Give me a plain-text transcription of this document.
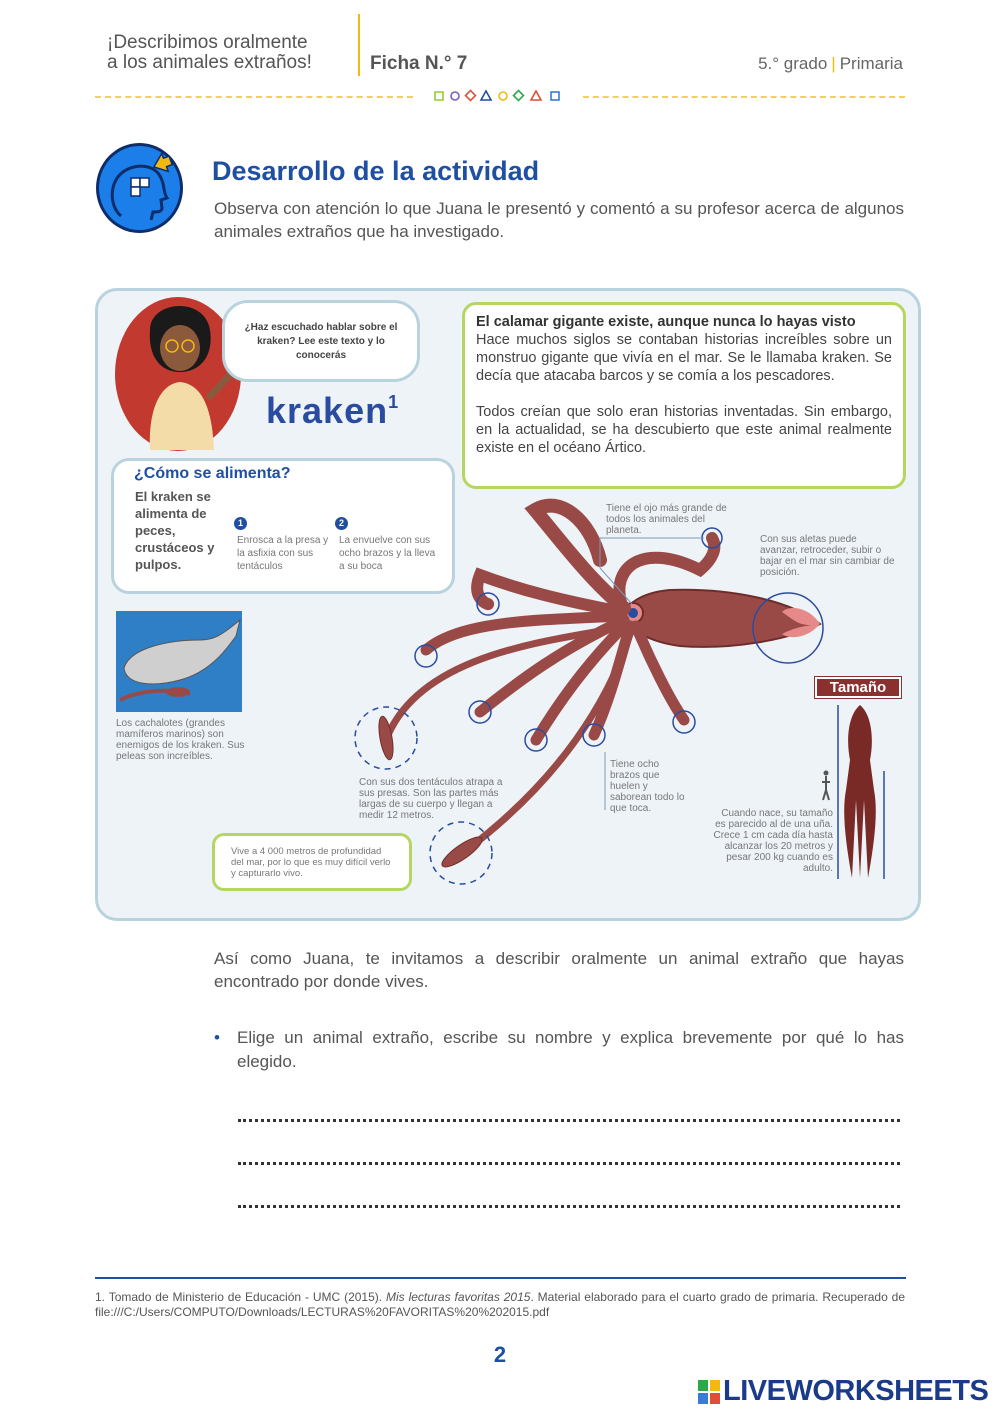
¡Describimos oralmente
a los animales extraños!	Ficha N.° 7	5.° grado | Primaria
Desarrollo de la actividad
Observa con atención lo que Juana le presentó y comentó a su profesor acerca de algunos animales extraños que ha investigado.
¿Haz escuchado hablar sobre el kraken? Lee este texto y lo conocerás
kraken$^1$
El calamar gigante existe, aunque nunca lo hayas visto

Hace muchos siglos se contaban historias increíbles sobre un monstruo gigante que vivía en el mar. Se le llamaba kraken. Se decía que atacaba barcos y se comía a los pescadores.

Todos creían que solo eran historias inventadas. Sin embargo, en la actualidad, se ha descubierto que este animal realmente existe en el océano Ártico.

¿Cómo se alimenta?
El kraken se alimenta de peces, crustáceos y pulpos.
1	2
Enrosca a la presa y la asfixia con sus tentáculos
La envuelve con sus ocho brazos y la lleva a su boca
Los cachalotes (grandes mamíferos marinos) son enemigos de los kraken. Sus peleas son increíbles.
Tiene el ojo más grande de todos los animales del planeta.
Con sus aletas puede avanzar, retroceder, subir o bajar en el mar sin cambiar de posición.
Con sus dos tentáculos atrapa a sus presas. Son las partes más largas de su cuerpo y llegan a medir 12 metros.
Tiene ocho brazos que huelen y saborean todo lo que toca.
Tamaño
Cuando nace, su tamaño es parecido al de una uña. Crece 1 cm cada día hasta alcanzar los 20 metros y pesar 200 kg cuando es adulto.
Vive a 4 000 metros de profundidad del mar, por lo que es muy difícil verlo y capturarlo vivo.
Así como Juana, te invitamos a describir oralmente un animal extraño que hayas encontrado por donde vives.
• Elige un animal extraño, escribe su nombre y explica brevemente por qué lo has elegido.
1. Tomado de Ministerio de Educación - UMC (2015). Mis lecturas favoritas 2015. Material elaborado para el cuarto grado de primaria. Recuperado de file:///C:/Users/COMPUTO/Downloads/LECTURAS%20FAVORITAS%20%202015.pdf
2
LIVEWORKSHEETS
